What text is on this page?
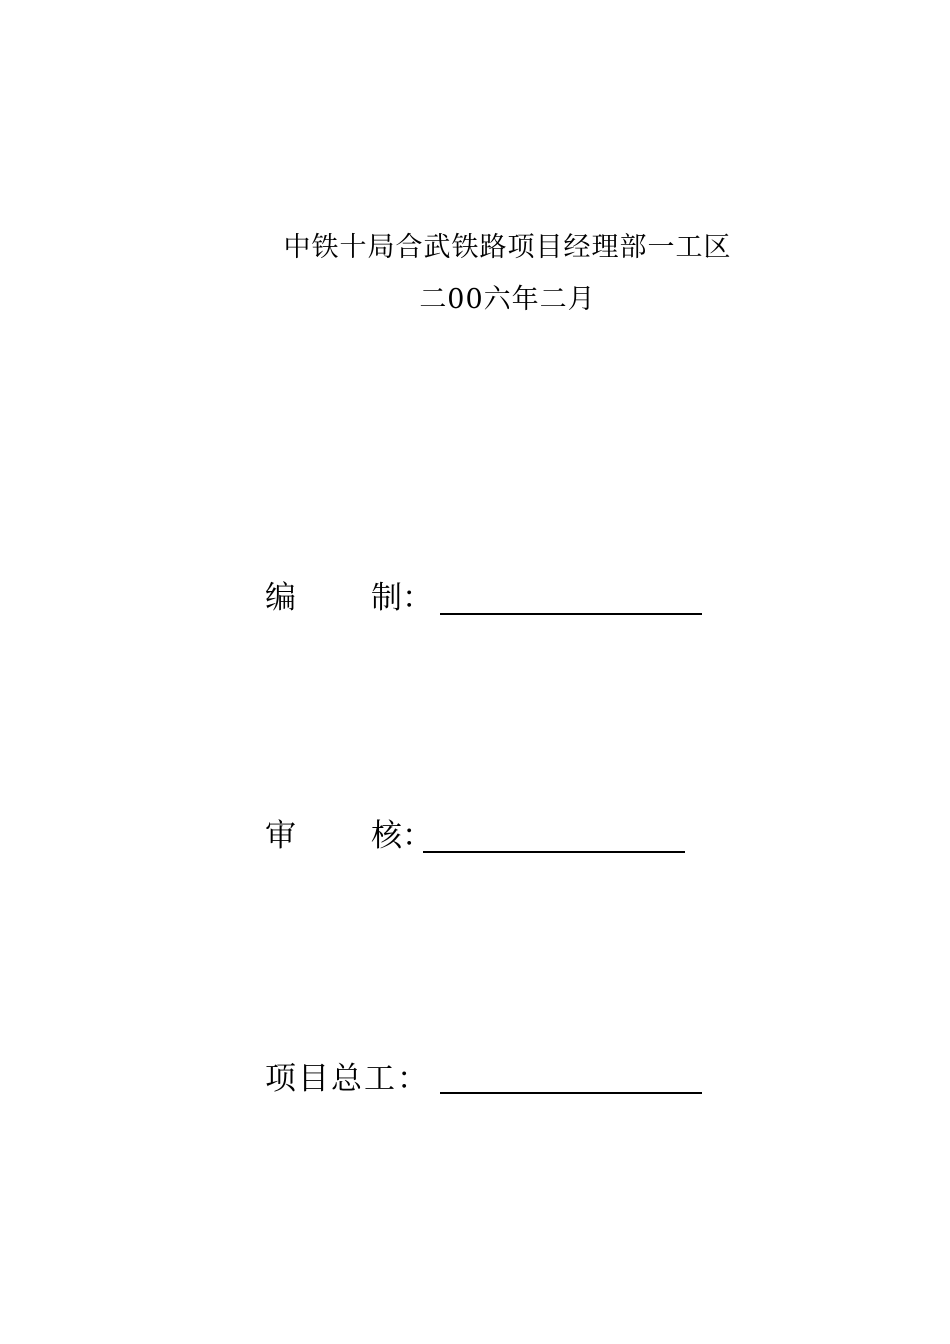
中铁十局合武铁路项目经理部一工区
二00六年二月
编 制：
审 核：
项目总工：
